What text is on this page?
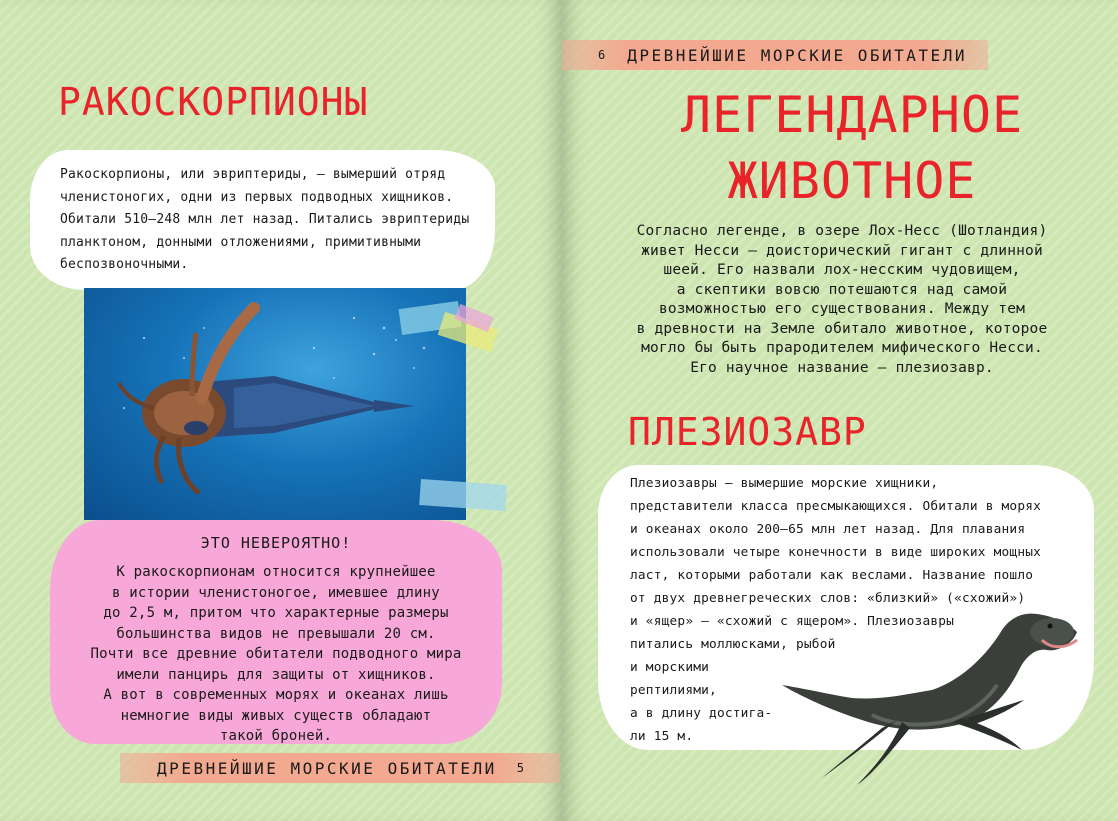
РАКОСКОРПИОНЫ

Ракоскорпионы, или эвриптериды, — вымерший отряд
членистоногих, одни из первых подводных хищников.
Обитали 510—248 млн лет назад. Питались эвриптериды
планктоном, донными отложениями, примитивными
беспозвоночными.

ЭТО НЕВЕРОЯТНО!

К ракоскорпионам относится крупнейшее
в истории членистоногое, имевшее длину
до 2,5 м, притом что характерные размеры
большинства видов не превышали 20 см.
Почти все древние обитатели подводного мира
имели панцирь для защиты от хищников.
А вот в современных морях и океанах лишь
немногие виды живых существ обладают
такой броней.

ДРЕВНЕЙШИЕ МОРСКИЕ ОБИТАТЕЛИ 5
6 ДРЕВНЕЙШИЕ МОРСКИЕ ОБИТАТЕЛИ
ЛЕГЕНДАРНОЕ
ЖИВОТНОЕ

Согласно легенде, в озере Лох-Несс (Шотландия)
живет Несси — доисторический гигант с длинной
шеей. Его назвали лох-несским чудовищем,
а скептики вовсю потешаются над самой
возможностью его существования. Между тем
в древности на Земле обитало животное, которое
могло бы быть прародителем мифического Несси.
Его научное название — плезиозавр.

ПЛЕЗИОЗАВР

Плезиозавры — вымершие морские хищники,
представители класса пресмыкающихся. Обитали в морях
и океанах около 200—65 млн лет назад. Для плавания
использовали четыре конечности в виде широких мощных
ласт, которыми работали как веслами. Название пошло
от двух древнегреческих слов: «близкий» («схожий»)
и «ящер» — «схожий с ящером». Плезиозавры
питались моллюсками, рыбой
и морскими
рептилиями,
а в длину достига-
ли 15 м.
